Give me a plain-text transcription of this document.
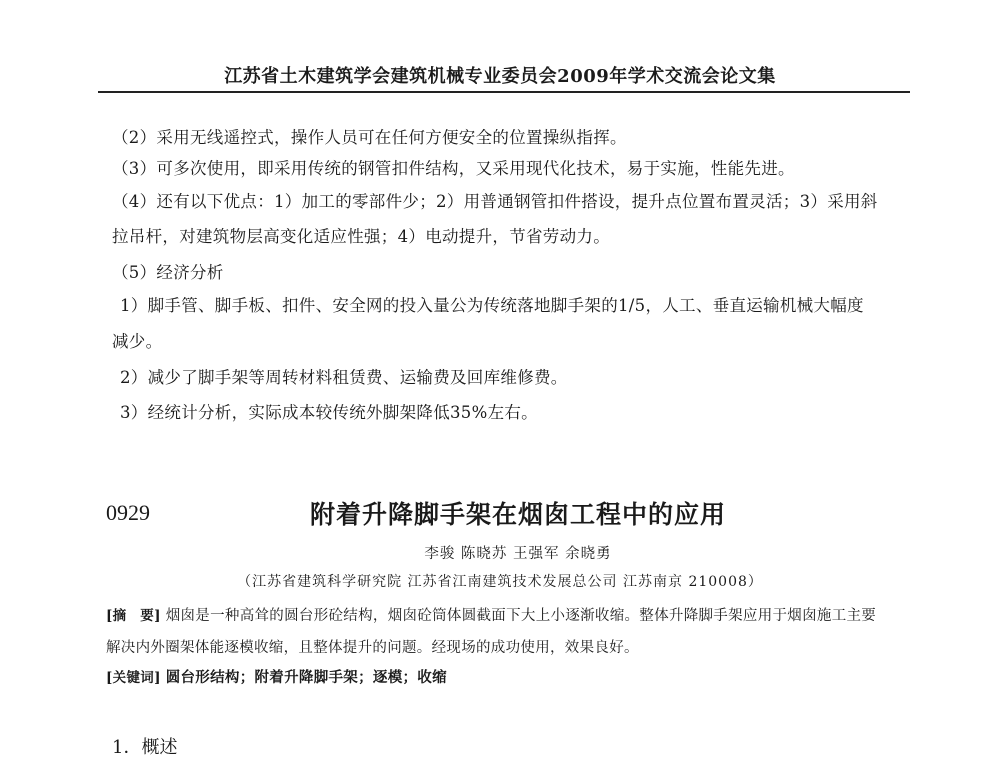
江苏省土木建筑学会建筑机械专业委员会2009年学术交流会论文集
（2）采用无线遥控式，操作人员可在任何方便安全的位置操纵指挥。
（3）可多次使用，即采用传统的钢管扣件结构，又采用现代化技术，易于实施，性能先进。
（4）还有以下优点：1）加工的零部件少；2）用普通钢管扣件搭设，提升点位置布置灵活；3）采用斜
拉吊杆，对建筑物层高变化适应性强；4）电动提升，节省劳动力。
（5）经济分析
1）脚手管、脚手板、扣件、安全网的投入量公为传统落地脚手架的1/5，人工、垂直运输机械大幅度
减少。
2）减少了脚手架等周转材料租赁费、运输费及回库维修费。
3）经统计分析，实际成本较传统外脚架降低35%左右。
0929	附着升降脚手架在烟囱工程中的应用
李骏 陈晓苏 王强军 余晓勇
（江苏省建筑科学研究院 江苏省江南建筑技术发展总公司 江苏南京 210008）
[摘　要] 烟囱是一种高耸的圆台形砼结构，烟囱砼筒体圆截面下大上小逐渐收缩。整体升降脚手架应用于烟囱施工主要
解决内外圈架体能逐模收缩，且整体提升的问题。经现场的成功使用，效果良好。
[关键词] 圆台形结构；附着升降脚手架；逐模；收缩
1．概述
